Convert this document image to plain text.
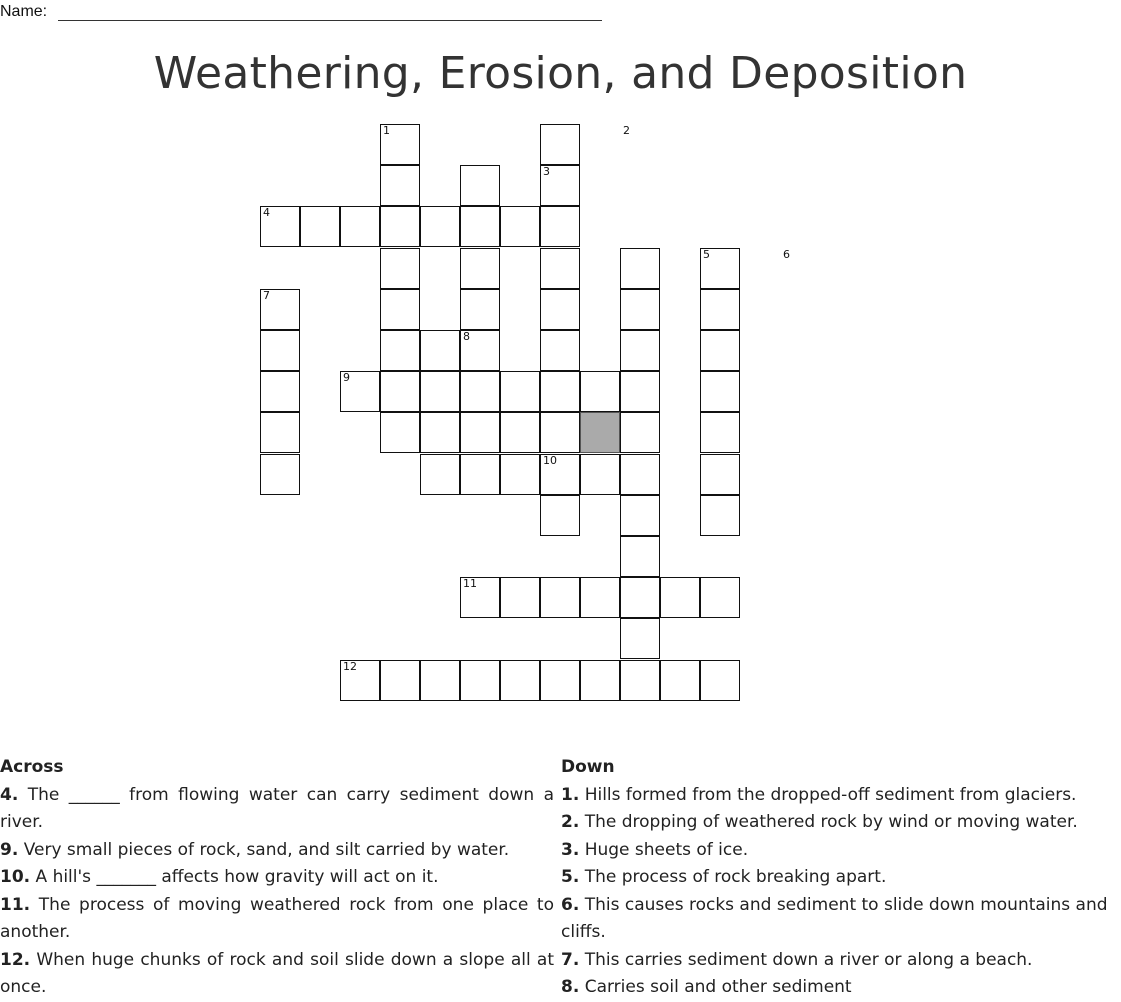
Name:
Weathering, Erosion, and Deposition
1	2
3
4
5	6
7
8
9
10
11
12
Across
4. The ______ from flowing water can carry sediment down a river.
9. Very small pieces of rock, sand, and silt carried by water.
10. A hill's _______ affects how gravity will act on it.
11. The process of moving weathered rock from one place to another.
12. When huge chunks of rock and soil slide down a slope all at once.
Down
1. Hills formed from the dropped-off sediment from glaciers.
2. The dropping of weathered rock by wind or moving water.
3. Huge sheets of ice.
5. The process of rock breaking apart.
6. This causes rocks and sediment to slide down mountains and cliffs.
7. This carries sediment down a river or along a beach.
8. Carries soil and other sediment
